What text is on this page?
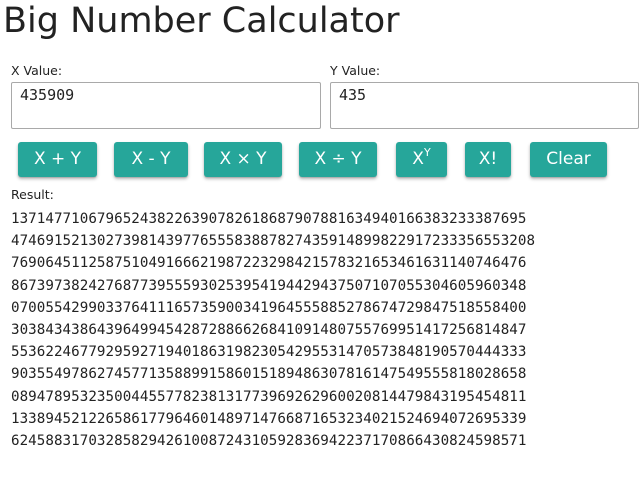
Big Number Calculator
X Value:
435909	Y Value:
435
X + Y	X - Y	X × Y	X ÷ Y	$X^Y$	X!	Clear
Result:
137147710679652438226390782618687907881634940166383233387695
4746915213027398143977655583887827435914899822917233356553208
769064511258751049166621987223298421578321653461631140746476
867397382427687739555930253954194429437507107055304605960348
070055429903376411165735900341964555885278674729847518558400
303843438643964994542872886626841091480755769951417256814847
553622467792959271940186319823054295531470573848190570444333
903554978627457713588991586015189486307816147549555818028658
089478953235004455778238131773969262960020814479843195454811
133894521226586177964601489714766871653234021524694072695339
624588317032858294261008724310592836942237170866430824598571
